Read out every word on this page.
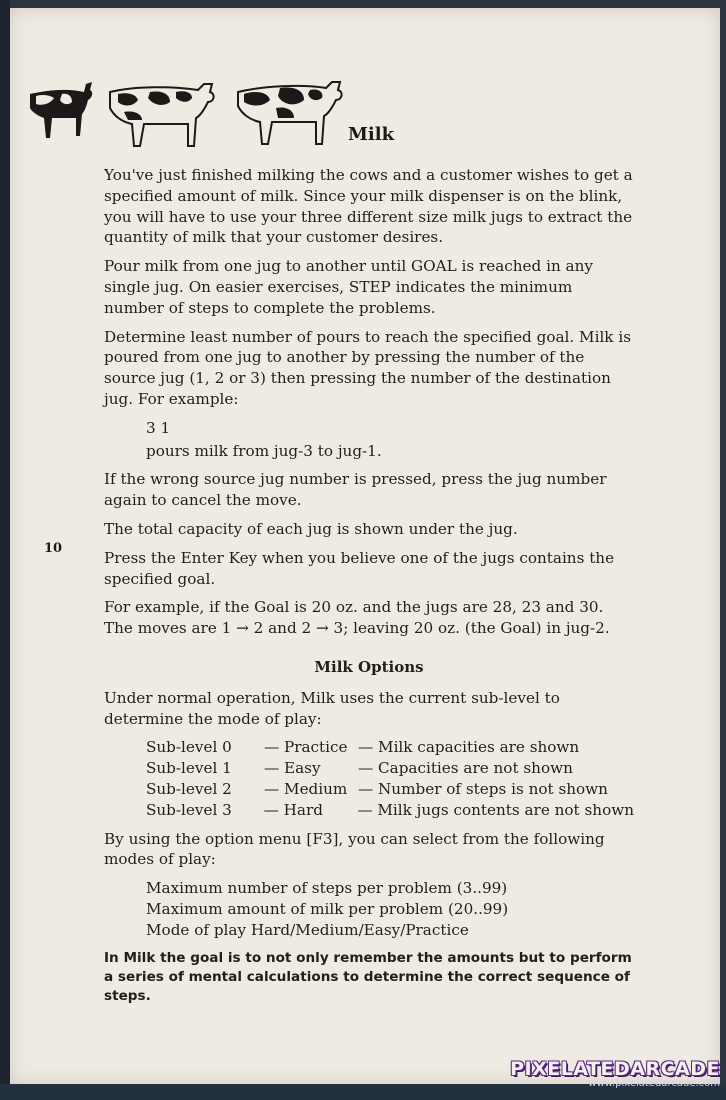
Milk
10

You've just finished milking the cows and a customer wishes to get a specified amount of milk. Since your milk dispenser is on the blink, you will have to use your three different size milk jugs to extract the quantity of milk that your customer desires.

Pour milk from one jug to another until GOAL is reached in any single jug. On easier exercises, STEP indicates the minimum number of steps to complete the problems.

Determine least number of pours to reach the specified goal. Milk is poured from one jug to another by pressing the number of the source jug (1, 2 or 3) then pressing the number of the destination jug. For example:

3 1
pours milk from jug-3 to jug-1.

If the wrong source jug number is pressed, press the jug number again to cancel the move.

The total capacity of each jug is shown under the jug.

Press the Enter Key when you believe one of the jugs contains the specified goal.

For example, if the Goal is 20 oz. and the jugs are 28, 23 and 30. The moves are 1 → 2 and 2 → 3; leaving 20 oz. (the Goal) in jug-2.

Milk Options

Under normal operation, Milk uses the current sub-level to determine the mode of play:

Sub-level 0	— Practice — Milk capacities are shown
Sub-level 1	— Easy	— Capacities are not shown
Sub-level 2	— Medium — Number of steps is not shown
Sub-level 3	— Hard	— Milk jugs contents are not shown

By using the option menu [F3], you can select from the following modes of play:

Maximum number of steps per problem (3..99)
Maximum amount of milk per problem (20..99)
Mode of play Hard/Medium/Easy/Practice

In Milk the goal is to not only remember the amounts but to perform a series of mental calculations to determine the correct sequence of steps.

PIXELATEDARCADE
www.pixelatedarcade.com
